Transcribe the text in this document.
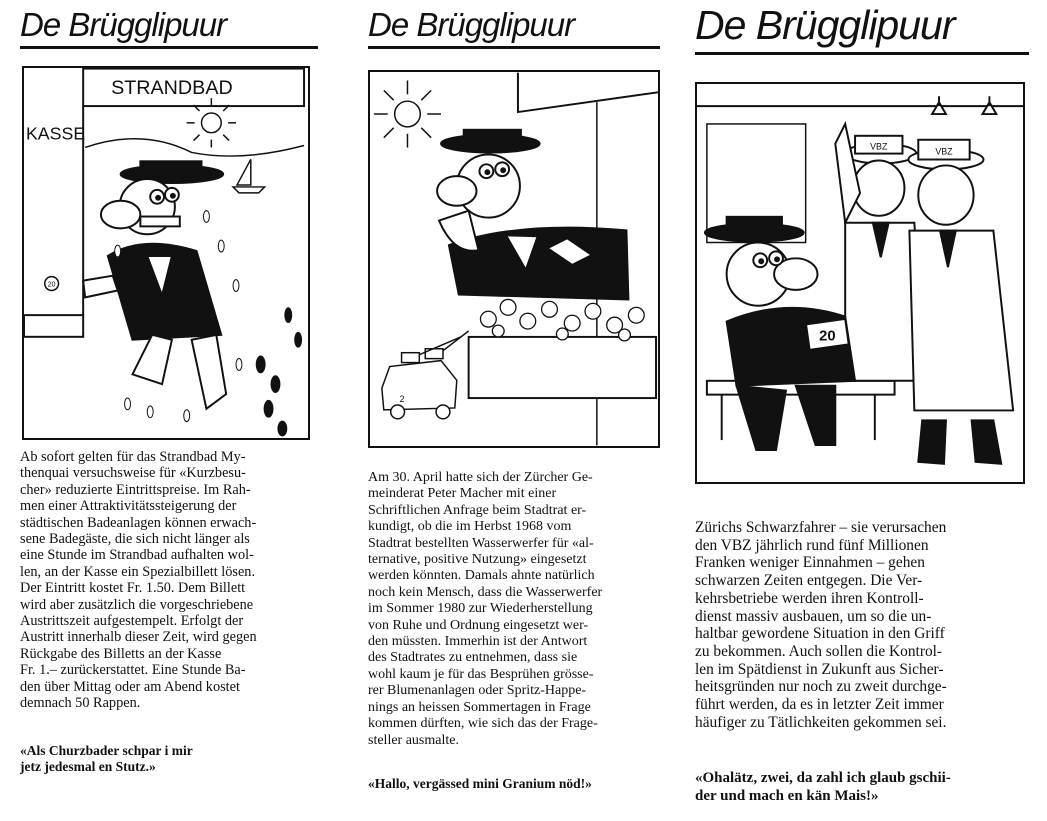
De Brügglipuur
STRANDBAD
KASSE
20

Ab sofort gelten für das Strandbad My-
thenquai versuchsweise für «Kurzbesu-
cher» reduzierte Eintrittspreise. Im Rah-
men einer Attraktivitätssteigerung der
städtischen Badeanlagen können erwach-
sene Badegäste, die sich nicht länger als
eine Stunde im Strandbad aufhalten wol-
len, an der Kasse ein Spezialbillett lösen.
Der Eintritt kostet Fr. 1.50. Dem Billett
wird aber zusätzlich die vorgeschriebene
Austrittszeit aufgestempelt. Erfolgt der
Austritt innerhalb dieser Zeit, wird gegen
Rückgabe des Billetts an der Kasse
Fr. 1.– zurückerstattet. Eine Stunde Ba-
den über Mittag oder am Abend kostet
demnach 50 Rappen.

«Als Churzbader schpar i mir
jetz jedesmal en Stutz.»

De Brügglipuur
2

Am 30. April hatte sich der Zürcher Ge-
meinderat Peter Macher mit einer
Schriftlichen Anfrage beim Stadtrat er-
kundigt, ob die im Herbst 1968 vom
Stadtrat bestellten Wasserwerfer für «al-
ternative, positive Nutzung» eingesetzt
werden könnten. Damals ahnte natürlich
noch kein Mensch, dass die Wasserwerfer
im Sommer 1980 zur Wiederherstellung
von Ruhe und Ordnung eingesetzt wer-
den müssten. Immerhin ist der Antwort
des Stadtrates zu entnehmen, dass sie
wohl kaum je für das Besprühen grösse-
rer Blumenanlagen oder Spritz-Happe-
nings an heissen Sommertagen in Frage
kommen dürften, wie sich das der Frage-
steller ausmalte.

«Hallo, vergässed mini Granium nöd!»

De Brügglipuur
VBZ	VBZ
20

Zürichs Schwarzfahrer – sie verursachen
den VBZ jährlich rund fünf Millionen
Franken weniger Einnahmen – gehen
schwarzen Zeiten entgegen. Die Ver-
kehrsbetriebe werden ihren Kontroll-
dienst massiv ausbauen, um so die un-
haltbar gewordene Situation in den Griff
zu bekommen. Auch sollen die Kontrol-
len im Spätdienst in Zukunft aus Sicher-
heitsgründen nur noch zu zweit durchge-
führt werden, da es in letzter Zeit immer
häufiger zu Tätlichkeiten gekommen sei.

«Ohalätz, zwei, da zahl ich glaub gschii-
der und mach en kän Mais!»
